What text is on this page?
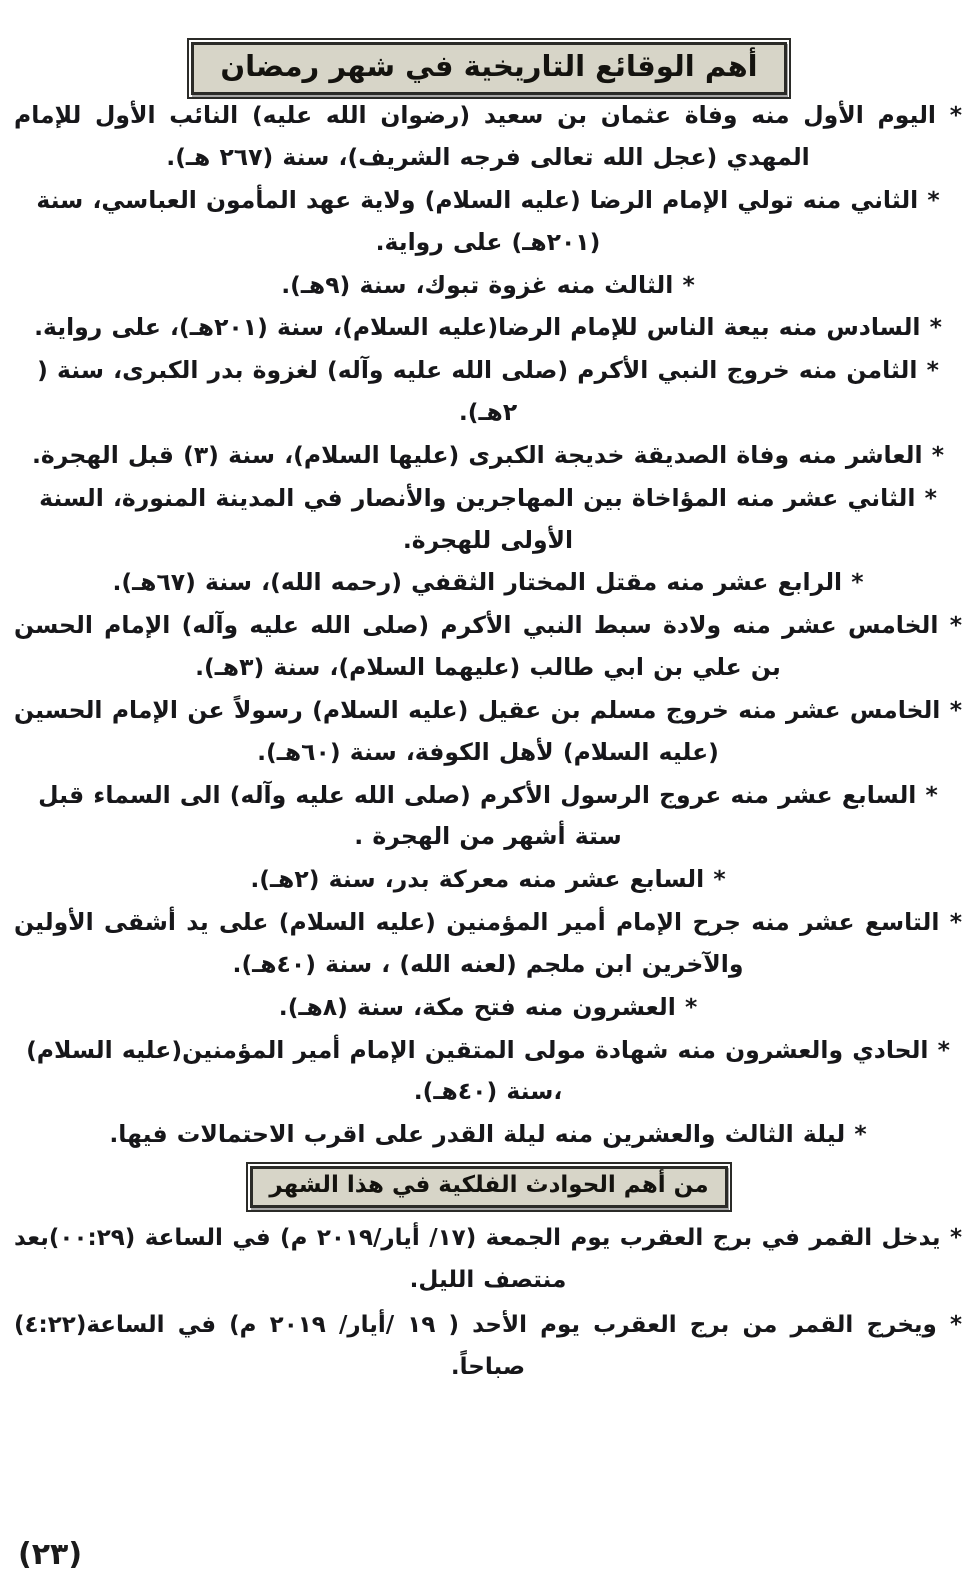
أهم الوقائع التاريخية في شهر رمضان

* اليوم الأول منه وفاة عثمان بن سعيد (رضوان الله عليه) النائب الأول للإمام المهدي (عجل الله تعالى فرجه الشريف)، سنة (٢٦٧ هـ).

* الثاني منه تولي الإمام الرضا (عليه السلام) ولاية عهد المأمون العباسي، سنة (٢٠١هـ) على رواية.

* الثالث منه غزوة تبوك، سنة (٩هـ).

* السادس منه بيعة الناس للإمام الرضا(عليه السلام)، سنة (٢٠١هـ)، على رواية.

* الثامن منه خروج النبي الأكرم (صلى الله عليه وآله) لغزوة بدر الكبرى، سنة ( ٢هـ).

* العاشر منه وفاة الصديقة خديجة الكبرى (عليها السلام)، سنة (٣) قبل الهجرة.

* الثاني عشر منه المؤاخاة بين المهاجرين والأنصار في المدينة المنورة، السنة الأولى للهجرة.

* الرابع عشر منه مقتل المختار الثقفي (رحمه الله)، سنة (٦٧هـ).

* الخامس عشر منه ولادة سبط النبي الأكرم (صلى الله عليه وآله) الإمام الحسن بن علي بن ابي طالب (عليهما السلام)، سنة (٣هـ).

* الخامس عشر منه خروج مسلم بن عقيل (عليه السلام) رسولاً عن الإمام الحسين (عليه السلام) لأهل الكوفة، سنة (٦٠هـ).

* السابع عشر منه عروج الرسول الأكرم (صلى الله عليه وآله) الى السماء قبل ستة أشهر من الهجرة .

* السابع عشر منه معركة بدر، سنة (٢هـ).

* التاسع عشر منه جرح الإمام أمير المؤمنين (عليه السلام) على يد أشقى الأولين والآخرين ابن ملجم (لعنه الله) ، سنة (٤٠هـ).

* العشرون منه فتح مكة، سنة (٨هـ).

* الحادي والعشرون منه شهادة مولى المتقين الإمام أمير المؤمنين(عليه السلام) ،سنة (٤٠هـ).

* ليلة الثالث والعشرين منه ليلة القدر على اقرب الاحتمالات فيها.

من أهم الحوادث الفلكية في هذا الشهر

* يدخل القمر في برج العقرب يوم الجمعة (١٧/ أيار/٢٠١٩ م) في الساعة (٠٠:٢٩)بعد منتصف الليل.

* ويخرج القمر من برج العقرب يوم الأحد ( ١٩ /أيار/ ٢٠١٩ م) في الساعة(٤:٢٢) صباحاً.

(٢٣)
